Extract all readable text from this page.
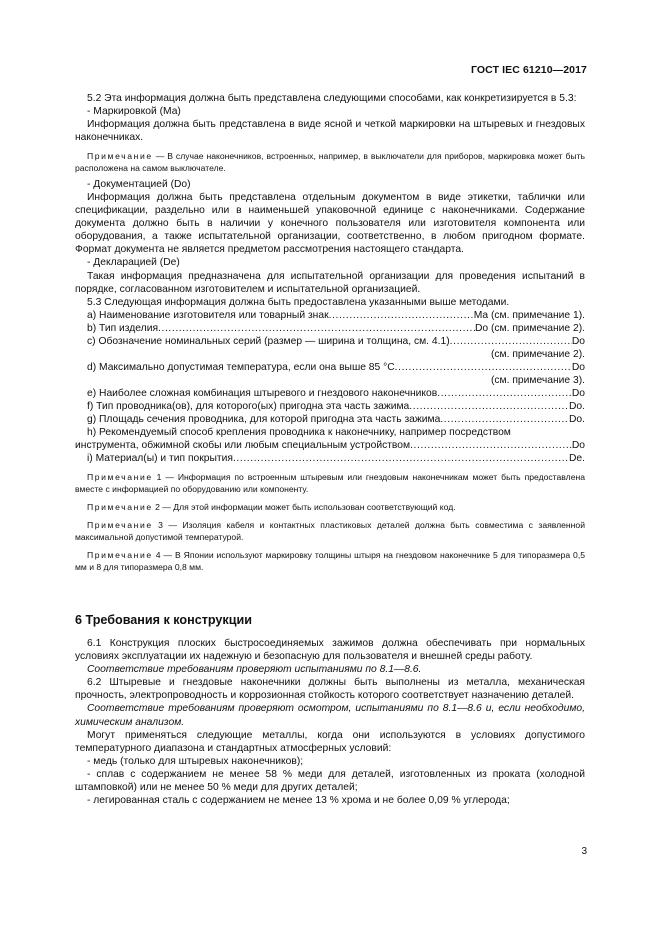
ГОСТ IEC 61210—2017

5.2 Эта информация должна быть представлена следующими способами, как конкретизируется в 5.3:

- Маркировкой (Ма)

Информация должна быть представлена в виде ясной и четкой маркировки на штыревых и гнездовых наконечниках.

Примечание — В случае наконечников, встроенных, например, в выключатели для приборов, маркировка может быть расположена на самом выключателе.

- Документацией (Do)

Информация должна быть представлена отдельным документом в виде этикетки, таблички или спецификации, раздельно или в наименьшей упаковочной единице с наконечниками. Содержание документа должно быть в наличии у конечного пользователя или изготовителя компонента или оборудования, а также испытательной организации, соответственно, в любом пригодном формате. Формат документа не является предметом рассмотрения настоящего стандарта.

- Декларацией (De)

Такая информация предназначена для испытательной организации для проведения испытаний в порядке, согласованном изготовителем и испытательной организацией.

5.3 Следующая информация должна быть предоставлена указанными выше методами.

a) Наименование изготовителя или товарный знак .....	Ма (см. примечание 1).
b) Тип изделия .....	Do (см. примечание 2).
c) Обозначение номинальных серий (размер — ширина и толщина, см. 4.1) .....	Do

(см. примечание 2).

d) Максимально допустимая температура, если она выше 85 °С .....	Do

(см. примечание 3).

e) Наиболее сложная комбинация штыревого и гнездового наконечников .....	Do
f) Тип проводника(ов), для которого(ых) пригодна эта часть зажима .....	Do.
g) Площадь сечения проводника, для которой пригодна эта часть зажима .....	Do.

h) Рекомендуемый способ крепления проводника к наконечнику, например посредством

инструмента, обжимной скобы или любым специальным устройством .....	Do
i) Материал(ы) и тип покрытия .....	De.

Примечание 1 — Информация по встроенным штыревым или гнездовым наконечникам может быть предоставлена вместе с информацией по оборудованию или компоненту.

Примечание 2 — Для этой информации может быть использован соответствующий код.

Примечание 3 — Изоляция кабеля и контактных пластиковых деталей должна быть совместима с заявленной максимальной допустимой температурой.

Примечание 4 — В Японии используют маркировку толщины штыря на гнездовом наконечнике 5 для типоразмера 0,5 мм и 8 для типоразмера 0,8 мм.

6 Требования к конструкции

6.1 Конструкция плоских быстросоединяемых зажимов должна обеспечивать при нормальных условиях эксплуатации их надежную и безопасную для пользователя и внешней среды работу.

Соответствие требованиям проверяют испытаниями по 8.1—8.6.

6.2 Штыревые и гнездовые наконечники должны быть выполнены из металла, механическая прочность, электропроводность и коррозионная стойкость которого соответствует назначению деталей.

Соответствие требованиям проверяют осмотром, испытаниями по 8.1—8.6 и, если необходимо, химическим анализом.

Могут применяться следующие металлы, когда они используются в условиях допустимого температурного диапазона и стандартных атмосферных условий:

- медь (только для штыревых наконечников);

- сплав с содержанием не менее 58 % меди для деталей, изготовленных из проката (холодной штамповкой) или не менее 50 % меди для других деталей;

- легированная сталь с содержанием не менее 13 % хрома и не более 0,09 % углерода;

3
